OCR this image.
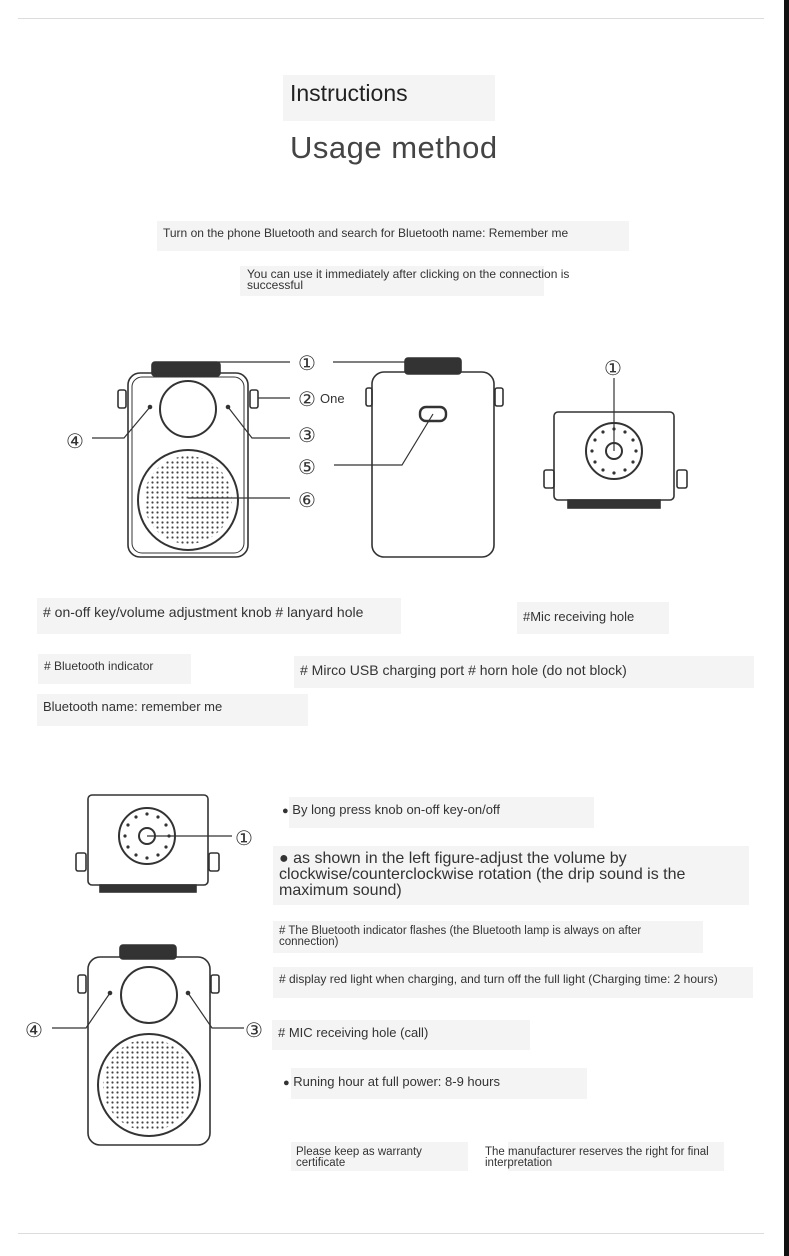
Instructions
Usage method
Turn on the phone Bluetooth and search for Bluetooth name: Remember me
You can use it immediately after clicking on the connection is
successful
①
② One
③
④
⑤
⑥
①
# on-off key/volume adjustment knob # lanyard hole	#Mic receiving hole
# Bluetooth indicator	# Mirco USB charging port # horn hole (do not block)
Bluetooth name: remember me
①
④	③
● By long press knob on-off key-on/off
● as shown in the left figure-adjust the volume by
clockwise/counterclockwise rotation (the drip sound is the
maximum sound)
# The Bluetooth indicator flashes (the Bluetooth lamp is always on after
connection)
# display red light when charging, and turn off the full light (Charging time: 2 hours)
# MIC receiving hole (call)
● Runing hour at full power: 8-9 hours
Please keep as warranty
certificate
The manufacturer reserves the right for final
interpretation
